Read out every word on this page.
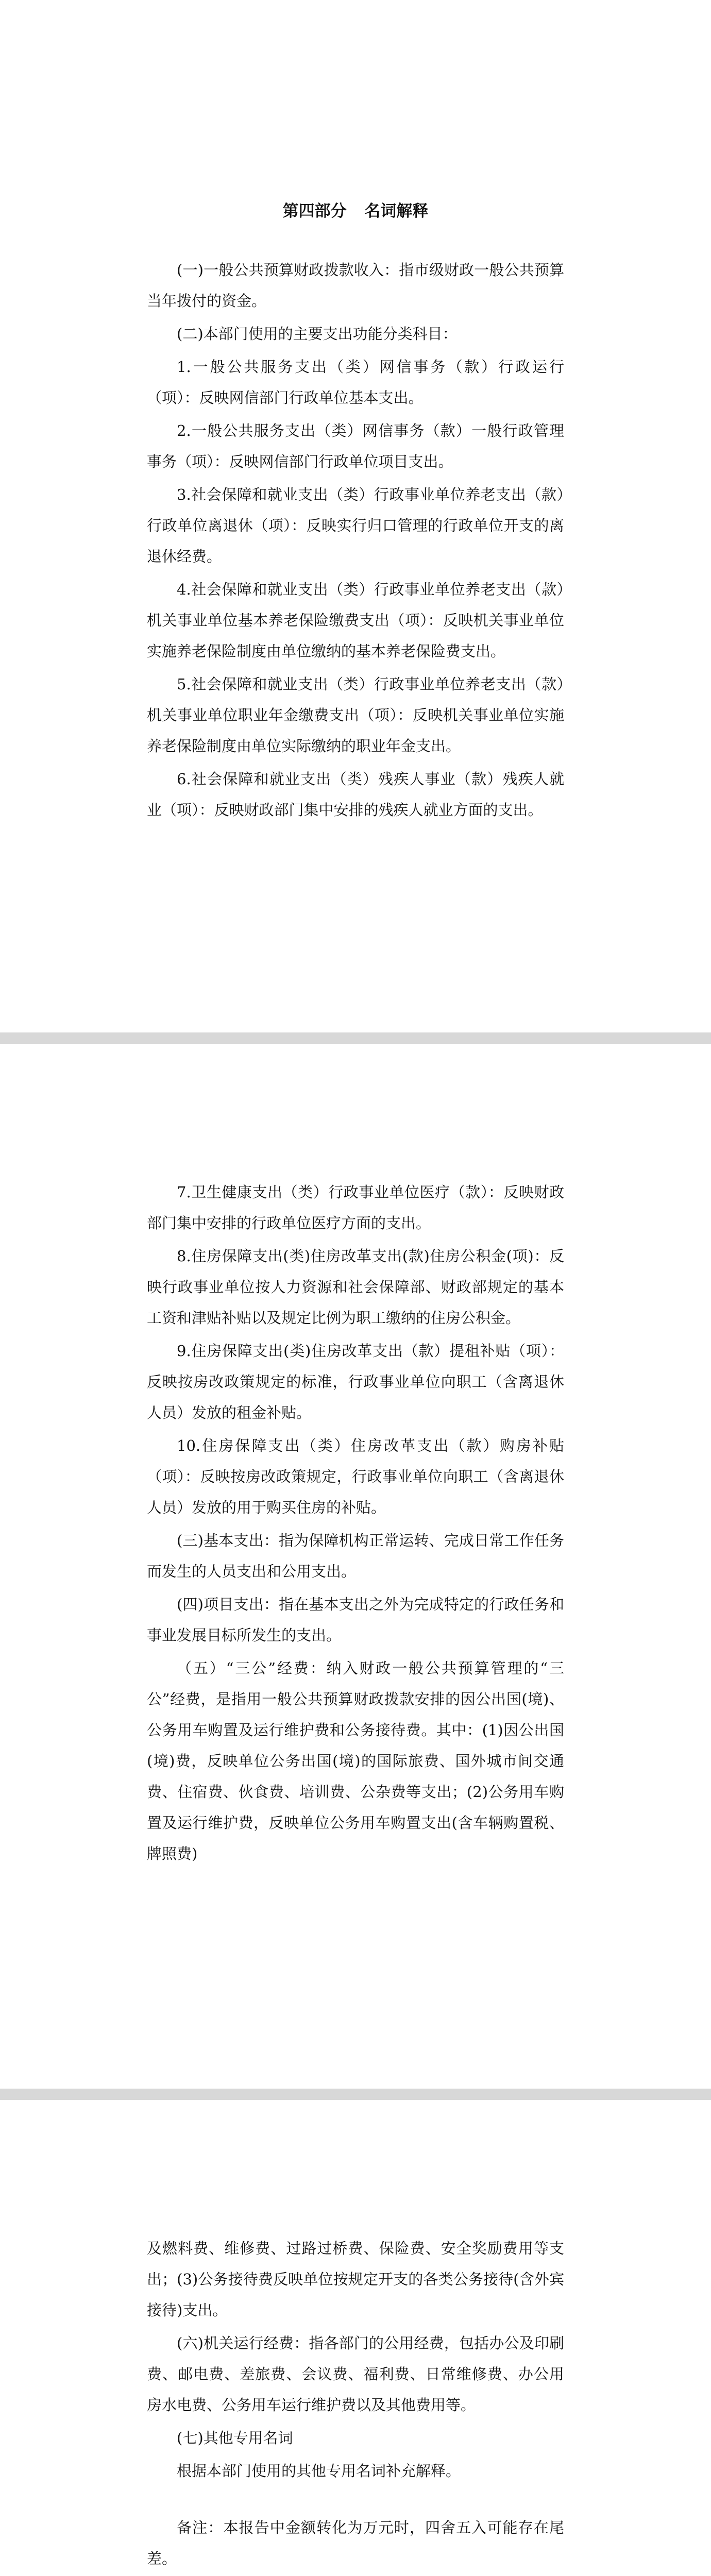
第四部分 名词解释

(一)一般公共预算财政拨款收入：指市级财政一般公共预算当年拨付的资金。

(二)本部门使用的主要支出功能分类科目：

1.一般公共服务支出（类）网信事务（款）行政运行（项）：反映网信部门行政单位基本支出。

2.一般公共服务支出（类）网信事务（款）一般行政管理事务（项）：反映网信部门行政单位项目支出。

3.社会保障和就业支出（类）行政事业单位养老支出（款）行政单位离退休（项）：反映实行归口管理的行政单位开支的离退休经费。

4.社会保障和就业支出（类）行政事业单位养老支出（款）机关事业单位基本养老保险缴费支出（项）：反映机关事业单位实施养老保险制度由单位缴纳的基本养老保险费支出。

5.社会保障和就业支出（类）行政事业单位养老支出（款）机关事业单位职业年金缴费支出（项）：反映机关事业单位实施养老保险制度由单位实际缴纳的职业年金支出。

6.社会保障和就业支出（类）残疾人事业（款）残疾人就业（项）：反映财政部门集中安排的残疾人就业方面的支出。

7.卫生健康支出（类）行政事业单位医疗（款）：反映财政部门集中安排的行政单位医疗方面的支出。

8.住房保障支出(类)住房改革支出(款)住房公积金(项)：反映行政事业单位按人力资源和社会保障部、财政部规定的基本工资和津贴补贴以及规定比例为职工缴纳的住房公积金。

9.住房保障支出(类)住房改革支出（款）提租补贴（项）：反映按房改政策规定的标准，行政事业单位向职工（含离退休人员）发放的租金补贴。

10.住房保障支出（类）住房改革支出（款）购房补贴（项）：反映按房改政策规定，行政事业单位向职工（含离退休人员）发放的用于购买住房的补贴。

(三)基本支出：指为保障机构正常运转、完成日常工作任务而发生的人员支出和公用支出。

(四)项目支出：指在基本支出之外为完成特定的行政任务和事业发展目标所发生的支出。

（五）“三公”经费：纳入财政一般公共预算管理的“三公”经费，是指用一般公共预算财政拨款安排的因公出国(境)、公务用车购置及运行维护费和公务接待费。其中：(1)因公出国(境)费，反映单位公务出国(境)的国际旅费、国外城市间交通费、住宿费、伙食费、培训费、公杂费等支出；(2)公务用车购置及运行维护费，反映单位公务用车购置支出(含车辆购置税、牌照费)

及燃料费、维修费、过路过桥费、保险费、安全奖励费用等支出；(3)公务接待费反映单位按规定开支的各类公务接待(含外宾接待)支出。

(六)机关运行经费：指各部门的公用经费，包括办公及印刷费、邮电费、差旅费、会议费、福利费、日常维修费、办公用房水电费、公务用车运行维护费以及其他费用等。

(七)其他专用名词

根据本部门使用的其他专用名词补充解释。

备注：本报告中金额转化为万元时，四舍五入可能存在尾差。
